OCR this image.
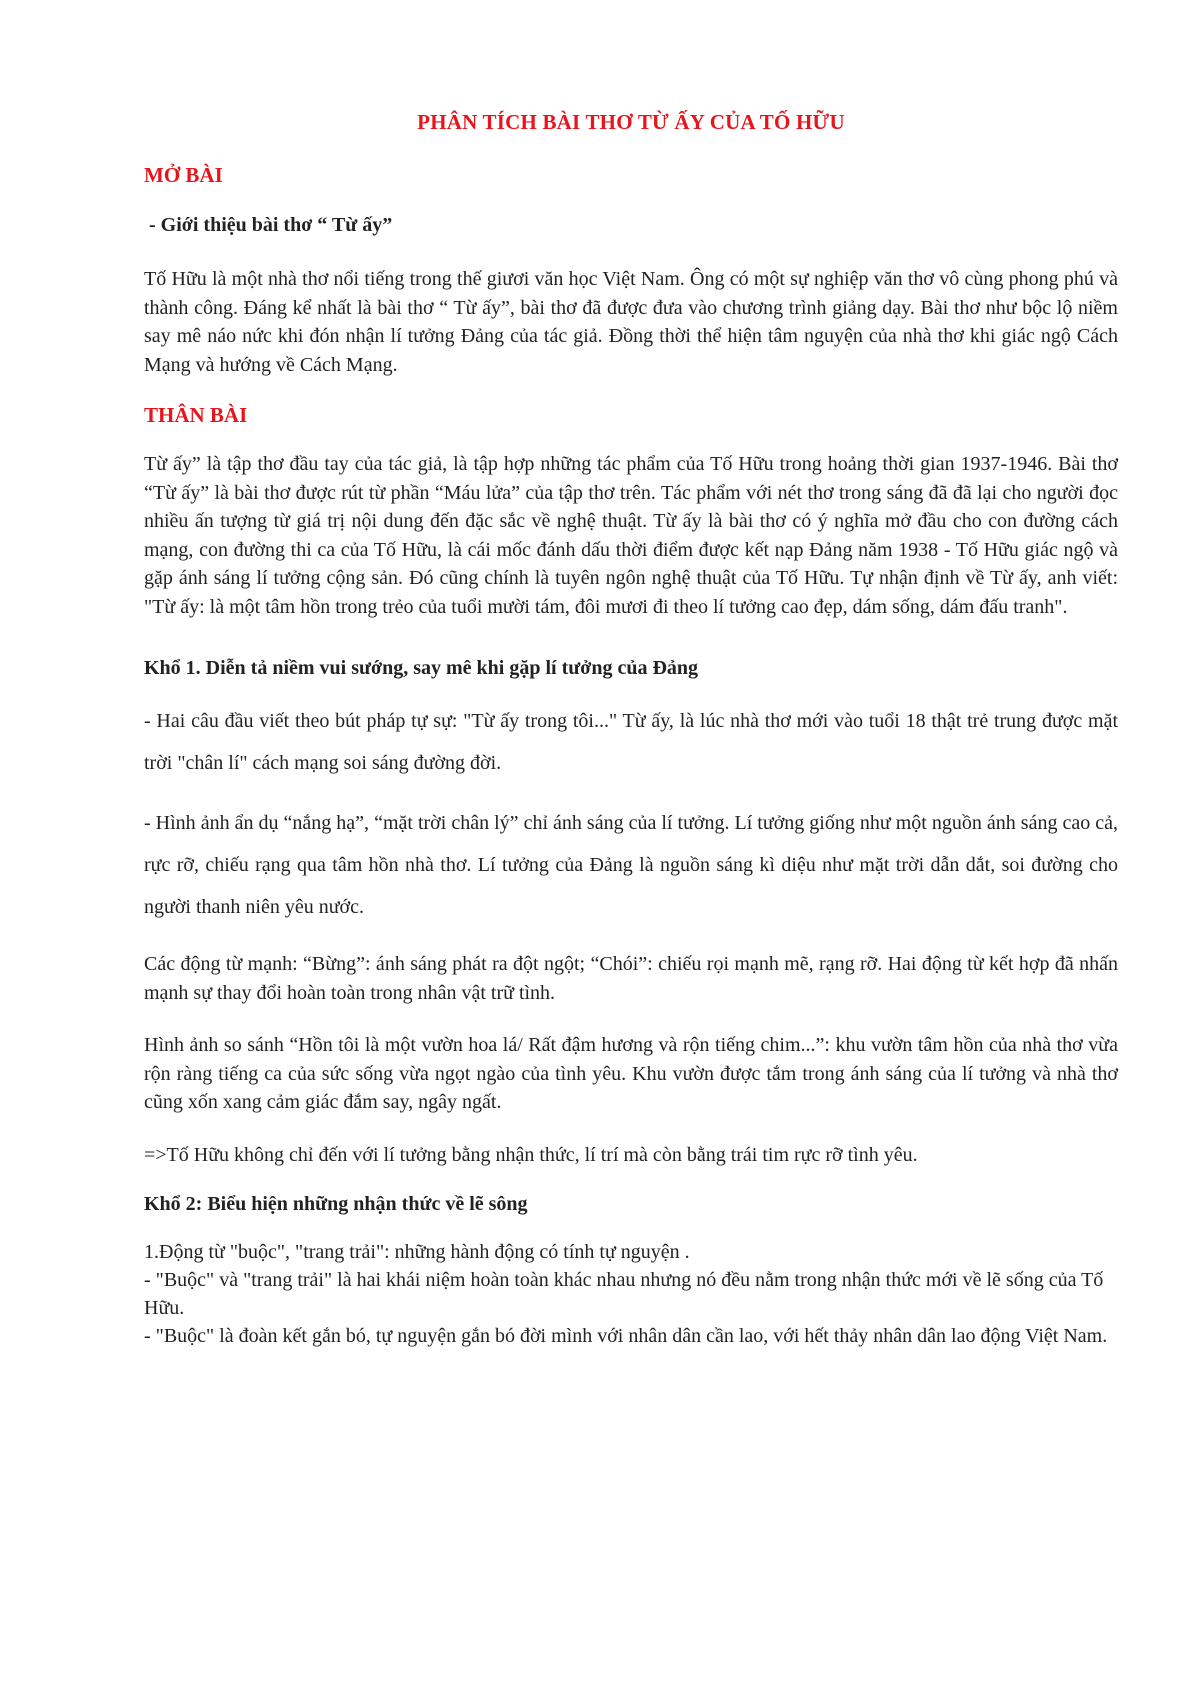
PHÂN TÍCH BÀI THƠ TỪ ẤY CỦA TỐ HỮU
MỞ BÀI
- Giới thiệu bài thơ “ Từ ấy”

Tố Hữu là một nhà thơ nổi tiếng trong thế giươi văn học Việt Nam. Ông có một sự nghiệp văn thơ vô cùng phong phú và thành công. Đáng kể nhất là bài thơ “ Từ ấy”, bài thơ đã được đưa vào chương trình giảng dạy. Bài thơ như bộc lộ niềm say mê náo nức khi đón nhận lí tưởng Đảng của tác giả. Đồng thời thể hiện tâm nguyện của nhà thơ khi giác ngộ Cách Mạng và hướng về Cách Mạng.

THÂN BÀI

Từ ấy” là tập thơ đầu tay của tác giả, là tập hợp những tác phẩm của Tố Hữu trong hoảng thời gian 1937-1946. Bài thơ “Từ ấy” là bài thơ được rút từ phần “Máu lửa” của tập thơ trên. Tác phẩm với nét thơ trong sáng đã đã lại cho người đọc nhiều ấn tượng từ giá trị nội dung đến đặc sắc về nghệ thuật. Từ ấy là bài thơ có ý nghĩa mở đầu cho con đường cách mạng, con đường thi ca của Tố Hữu, là cái mốc đánh dấu thời điểm được kết nạp Đảng năm 1938 - Tố Hữu giác ngộ và gặp ánh sáng lí tưởng cộng sản. Đó cũng chính là tuyên ngôn nghệ thuật của Tố Hữu. Tự nhận định về Từ ấy, anh viết: "Từ ấy: là một tâm hồn trong trẻo của tuổi mười tám, đôi mươi đi theo lí tưởng cao đẹp, dám sống, dám đấu tranh".

Khổ 1. Diễn tả niềm vui sướng, say mê khi gặp lí tưởng của Đảng

- Hai câu đầu viết theo bút pháp tự sự: "Từ ấy trong tôi..." Từ ấy, là lúc nhà thơ mới vào tuổi 18 thật trẻ trung được mặt trời "chân lí" cách mạng soi sáng đường đời.

- Hình ảnh ẩn dụ “nắng hạ”, “mặt trời chân lý” chỉ ánh sáng của lí tưởng. Lí tưởng giống như một nguồn ánh sáng cao cả, rực rỡ, chiếu rạng qua tâm hồn nhà thơ. Lí tưởng của Đảng là nguồn sáng kì diệu như mặt trời dẫn dắt, soi đường cho người thanh niên yêu nước.

Các động từ mạnh: “Bừng”: ánh sáng phát ra đột ngột; “Chói”: chiếu rọi mạnh mẽ, rạng rỡ. Hai động từ kết hợp đã nhấn mạnh sự thay đổi hoàn toàn trong nhân vật trữ tình.

Hình ảnh so sánh “Hồn tôi là một vườn hoa lá/ Rất đậm hương và rộn tiếng chim...”: khu vườn tâm hồn của nhà thơ vừa rộn ràng tiếng ca của sức sống vừa ngọt ngào của tình yêu. Khu vườn được tắm trong ánh sáng của lí tưởng và nhà thơ cũng xốn xang cảm giác đắm say, ngây ngất.

=>Tố Hữu không chỉ đến với lí tưởng bằng nhận thức, lí trí mà còn bằng trái tim rực rỡ tình yêu.

Khổ 2: Biểu hiện những nhận thức về lẽ sông

1.Động từ "buộc", "trang trải": những hành động có tính tự nguyện .

- "Buộc" và "trang trải" là hai khái niệm hoàn toàn khác nhau nhưng nó đều nằm trong nhận thức mới về lẽ sống của Tố Hữu.

- "Buộc" là đoàn kết gắn bó, tự nguyện gắn bó đời mình với nhân dân cần lao, với hết thảy nhân dân lao động Việt Nam.
